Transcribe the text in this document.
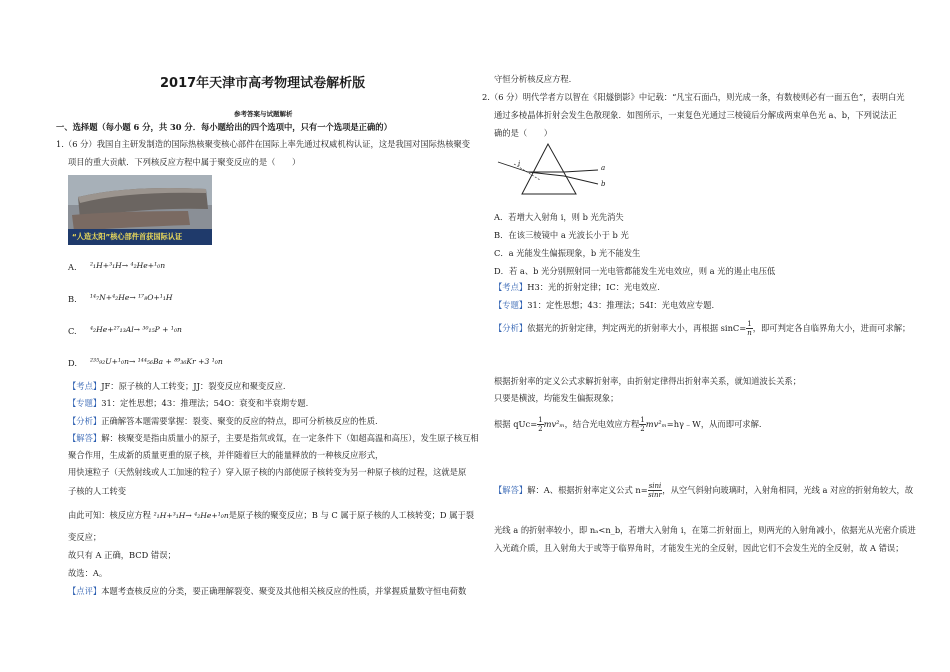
2017年天津市高考物理试卷解析版
参考答案与试题解析
一、选择题（每小题 6 分，共 30 分．每小题给出的四个选项中，只有一个选项是正确的）
1.（6 分）我国自主研发制造的国际热核聚变核心部件在国际上率先通过权威机构认证，这是我国对国际热核聚变
项目的重大贡献．下列核反应方程中属于聚变反应的是（　　）
“人造太阳”核心部件首获国际认证
A. ²₁H+³₁H→ ⁴₂He+¹₀n
B. ¹⁴₇N+⁴₂He→ ¹⁷₈O+¹₁H
C. ⁴₂He+²⁷₁₃Al→ ³⁰₁₅P + ¹₀n
D. ²³⁵₉₂U+¹₀n→ ¹⁴⁴₅₆Ba + ⁸⁹₃₆Kr +3 ¹₀n
【考点】JF：原子核的人工转变；JJ：裂变反应和聚变反应.
【专题】31：定性思想；43：推理法；54O：衰变和半衰期专题.
【分析】正确解答本题需要掌握：裂变、聚变的反应的特点，即可分析核反应的性质.
【解答】解：核聚变是指由质量小的原子，主要是指氘或氚，在一定条件下（如超高温和高压），发生原子核互相
聚合作用，生成新的质量更重的原子核，并伴随着巨大的能量释放的一种核反应形式，
用快速粒子（天然射线或人工加速的粒子）穿入原子核的内部使原子核转变为另一种原子核的过程，这就是原
子核的人工转变
由此可知：核反应方程 ²₁H+³₁H→ ⁴₂He+¹₀n是原子核的聚变反应；B 与 C 属于原子核的人工核转变；D 属于裂
变反应；
故只有 A 正确，BCD 错误；
故选：A。
【点评】本题考查核反应的分类，要正确理解裂变、聚变及其他相关核反应的性质，并掌握质量数守恒电荷数
守恒分析核反应方程.
2.（6 分）明代学者方以智在《阳燧倒影》中记载：“凡宝石面凸，则光成一条，有数棱则必有一面五色”，表明白光
通过多棱晶体折射会发生色散现象．如图所示，一束复色光通过三棱镜后分解成两束单色光 a、b，下列说法正
确的是（　　）
i	a
b
A．若增大入射角 i，则 b 光先消失
B．在该三棱镜中 a 光波长小于 b 光
C．a 光能发生偏振现象，b 光不能发生
D．若 a、b 光分别照射同一光电管都能发生光电效应，则 a 光的遏止电压低
【考点】H3：光的折射定律；IC：光电效应.
【专题】31：定性思想；43：推理法；54I：光电效应专题.
【分析】依据光的折射定律，判定两光的折射率大小，再根据 $\sin C= \frac{1}{n}$ ，即可判定各自临界角大小，进而可求解；
根据折射率的定义公式求解折射率，由折射定律得出折射率关系，就知道波长关系；
只要是横波，均能发生偏振现象；
根据 $qUc= \frac{1}{2} mv^2_m$，结合光电效应方程 $\frac{1}{2}$ mv²ₘ=hγ﹣W，从而即可求解.
【解答】解：A、根据折射率定义公式 $n= \frac{\sin i}{\sin r}$ ，从空气斜射向玻璃时，入射角相同，光线 a 对应的折射角较大，故
光线 a 的折射率较小，即 nₐ<n_b，若增大入射角 i，在第二折射面上，则两光的入射角减小，依据光从光密介质进
入光疏介质，且入射角大于或等于临界角时，才能发生光的全反射，因此它们不会发生光的全反射，故 A 错误；
